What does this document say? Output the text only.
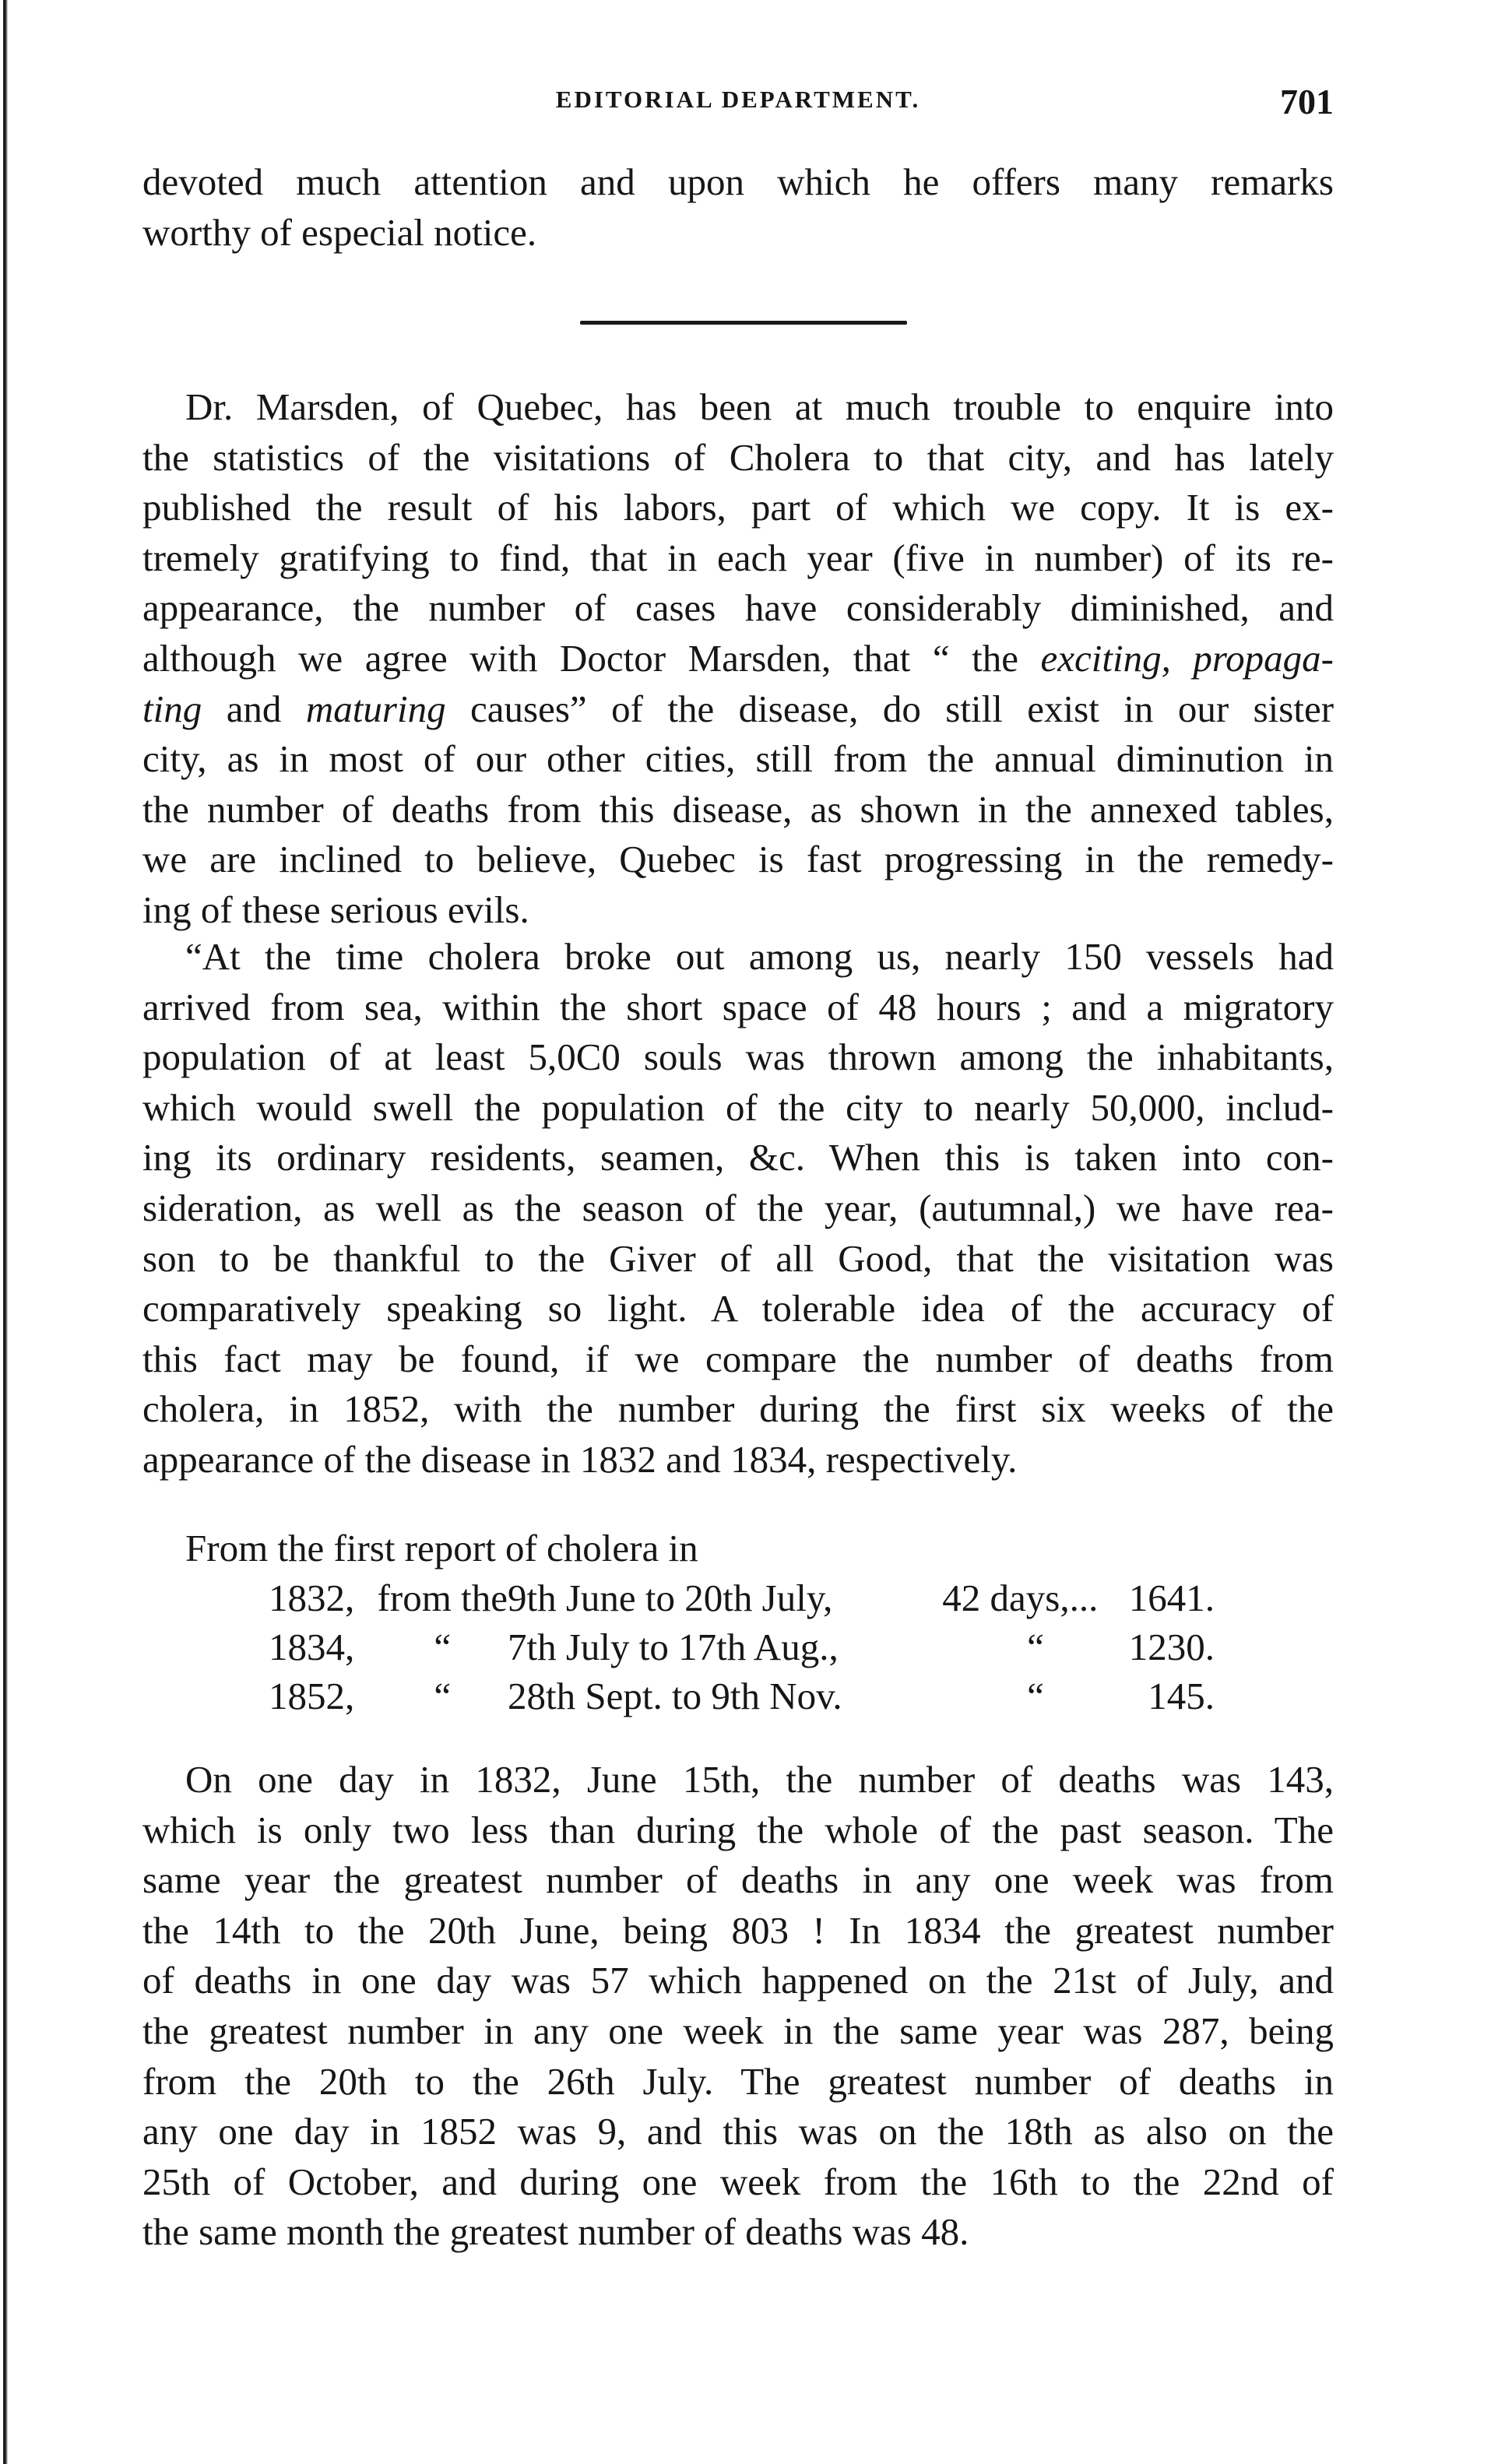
EDITORIAL DEPARTMENT.	701
devoted much attention and upon which he offers many remarks
worthy of especial notice.
Dr. Marsden, of Quebec, has been at much trouble to enquire into
the statistics of the visitations of Cholera to that city, and has lately
published the result of his labors, part of which we copy. It is ex-
tremely gratifying to find, that in each year (five in number) of its re-
appearance, the number of cases have considerably diminished, and
although we agree with Doctor Marsden, that “ the exciting, propaga-
ting and maturing causes” of the disease, do still exist in our sister
city, as in most of our other cities, still from the annual diminution in
the number of deaths from this disease, as shown in the annexed tables,
we are inclined to believe, Quebec is fast progressing in the remedy-
ing of these serious evils.
“At the time cholera broke out among us, nearly 150 vessels had
arrived from sea, within the short space of 48 hours ; and a migratory
population of at least 5,0C0 souls was thrown among the inhabitants,
which would swell the population of the city to nearly 50,000, includ-
ing its ordinary residents, seamen, &c. When this is taken into con-
sideration, as well as the season of the year, (autumnal,) we have rea-
son to be thankful to the Giver of all Good, that the visitation was
comparatively speaking so light. A tolerable idea of the accuracy of
this fact may be found, if we compare the number of deaths from
cholera, in 1852, with the number during the first six weeks of the
appearance of the disease in 1832 and 1834, respectively.
From the first report of cholera in
1832,	from the	9th June to 20th July,	42 days,...	1641.
1834,	“	7th July to 17th Aug.,	“	1230.
1852,	“	28th Sept. to 9th Nov.	“	145.
On one day in 1832, June 15th, the number of deaths was 143,
which is only two less than during the whole of the past season. The
same year the greatest number of deaths in any one week was from
the 14th to the 20th June, being 803 ! In 1834 the greatest number
of deaths in one day was 57 which happened on the 21st of July, and
the greatest number in any one week in the same year was 287, being
from the 20th to the 26th July. The greatest number of deaths in
any one day in 1852 was 9, and this was on the 18th as also on the
25th of October, and during one week from the 16th to the 22nd of
the same month the greatest number of deaths was 48.
